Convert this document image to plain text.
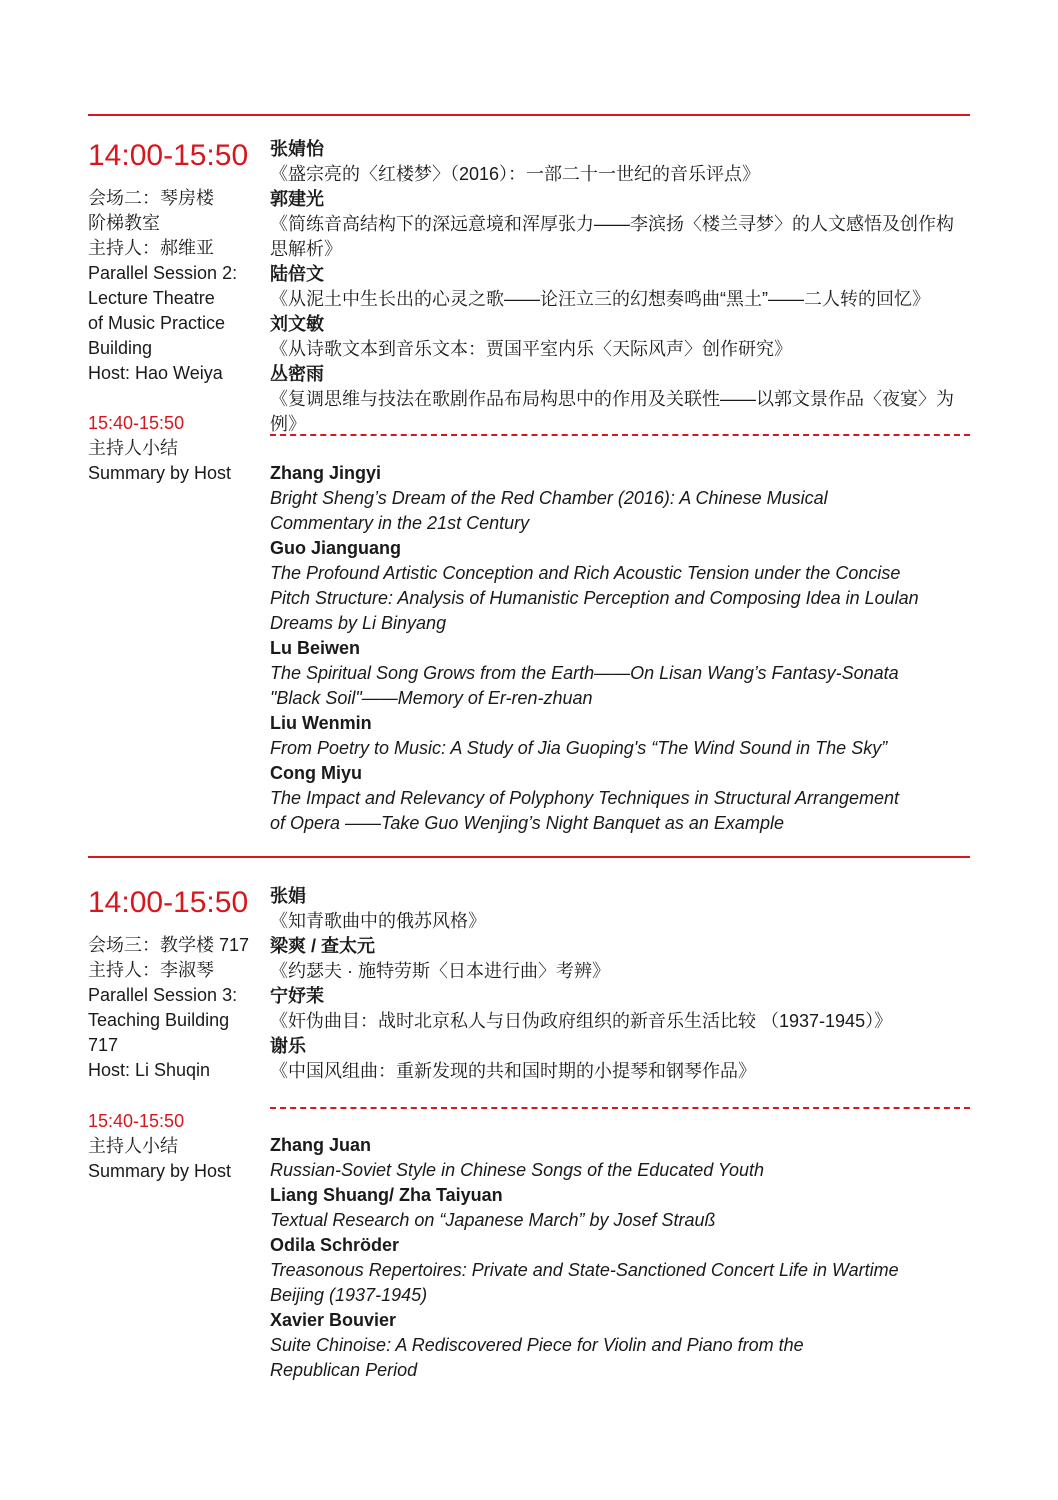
14:00-15:50
会场二：琴房楼
阶梯教室
主持人：郝维亚
Parallel Session 2:
Lecture Theatre
of Music Practice
Building
Host: Hao Weiya
15:40-15:50
主持人小结
Summary by Host
张婧怡
《盛宗亮的〈红楼梦〉（2016）：一部二十一世纪的音乐评点》
郭建光
《简练音高结构下的深远意境和浑厚张力——李滨扬〈楼兰寻梦〉的人文感悟及创作构
思解析》
陆倍文
《从泥土中生长出的心灵之歌——论汪立三的幻想奏鸣曲“黑土”——二人转的回忆》
刘文敏
《从诗歌文本到音乐文本：贾国平室内乐〈天际风声〉创作研究》
丛密雨
《复调思维与技法在歌剧作品布局构思中的作用及关联性——以郭文景作品〈夜宴〉为例》
Zhang Jingyi
Bright Sheng’s Dream of the Red Chamber (2016): A Chinese Musical
Commentary in the 21st Century
Guo Jianguang
The Profound Artistic Conception and Rich Acoustic Tension under the Concise
Pitch Structure: Analysis of Humanistic Perception and Composing Idea in Loulan
Dreams by Li Binyang
Lu Beiwen
The Spiritual Song Grows from the Earth——On Lisan Wang’s Fantasy-Sonata
"Black Soil"——Memory of Er-ren-zhuan
Liu Wenmin
From Poetry to Music: A Study of Jia Guoping's “The Wind Sound in The Sky”
Cong Miyu
The Impact and Relevancy of Polyphony Techniques in Structural Arrangement
of Opera ——Take Guo Wenjing’s Night Banquet as an Example
14:00-15:50
会场三：教学楼 717
主持人：李淑琴
Parallel Session 3:
Teaching Building
717
Host: Li Shuqin
15:40-15:50
主持人小结
Summary by Host
张娟
《知青歌曲中的俄苏风格》
梁爽 / 查太元
《约瑟夫 · 施特劳斯〈日本进行曲〉考辨》
宁妤茉
《奸伪曲目：战时北京私人与日伪政府组织的新音乐生活比较 （1937-1945）》
谢乐
《中国风组曲：重新发现的共和国时期的小提琴和钢琴作品》
Zhang Juan
Russian-Soviet Style in Chinese Songs of the Educated Youth
Liang Shuang/ Zha Taiyuan
Textual Research on “Japanese March” by Josef Strauß
Odila Schröder
Treasonous Repertoires: Private and State-Sanctioned Concert Life in Wartime
Beijing (1937-1945)
Xavier Bouvier
Suite Chinoise: A Rediscovered Piece for Violin and Piano from the
Republican Period
